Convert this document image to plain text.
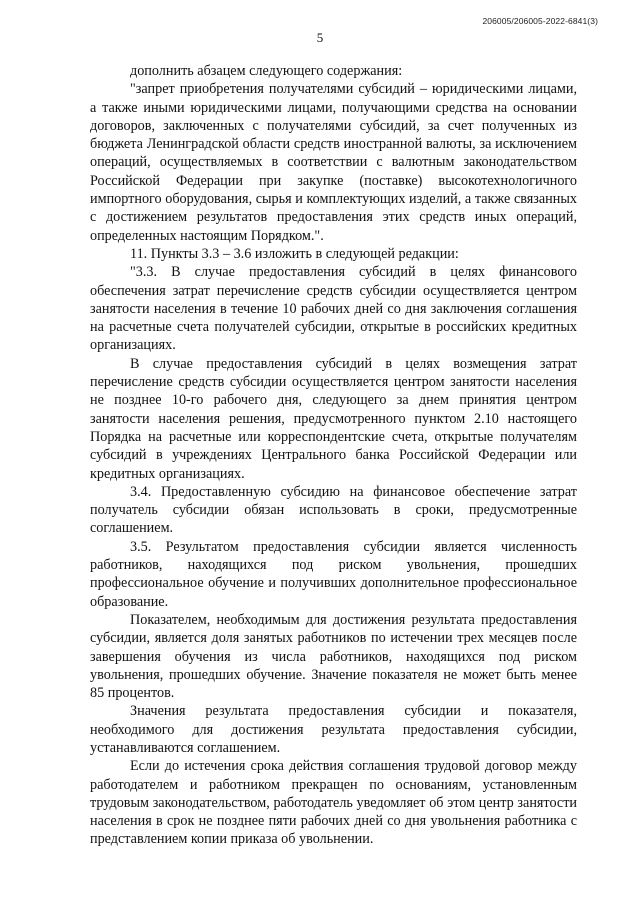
206005/206005-2022-6841(3)
5

дополнить абзацем следующего содержания:

"запрет приобретения получателями субсидий – юридическими лицами, а также иными юридическими лицами, получающими средства на основании договоров, заключенных с получателями субсидий, за счет полученных из бюджета Ленинградской области средств иностранной валюты, за исключением операций, осуществляемых в соответствии с валютным законодательством Российской Федерации при закупке (поставке) высокотехнологичного импортного оборудования, сырья и комплектующих изделий, а также связанных с достижением результатов предоставления этих средств иных операций, определенных настоящим Порядком.".

11. Пункты 3.3 – 3.6 изложить в следующей редакции:

"3.3. В случае предоставления субсидий в целях финансового обеспечения затрат перечисление средств субсидии осуществляется центром занятости населения в течение 10 рабочих дней со дня заключения соглашения на расчетные счета получателей субсидии, открытые в российских кредитных организациях.

В случае предоставления субсидий в целях возмещения затрат перечисление средств субсидии осуществляется центром занятости населения не позднее 10-го рабочего дня, следующего за днем принятия центром занятости населения решения, предусмотренного пунктом 2.10 настоящего Порядка на расчетные или корреспондентские счета, открытые получателям субсидий в учреждениях Центрального банка Российской Федерации или кредитных организациях.

3.4. Предоставленную субсидию на финансовое обеспечение затрат получатель субсидии обязан использовать в сроки, предусмотренные соглашением.

3.5. Результатом предоставления субсидии является численность работников, находящихся под риском увольнения, прошедших профессиональное обучение и получивших дополнительное профессиональное образование.

Показателем, необходимым для достижения результата предоставления субсидии, является доля занятых работников по истечении трех месяцев после завершения обучения из числа работников, находящихся под риском увольнения, прошедших обучение. Значение показателя не может быть менее 85 процентов.

Значения результата предоставления субсидии и показателя, необходимого для достижения результата предоставления субсидии, устанавливаются соглашением.

Если до истечения срока действия соглашения трудовой договор между работодателем и работником прекращен по основаниям, установленным трудовым законодательством, работодатель уведомляет об этом центр занятости населения в срок не позднее пяти рабочих дней со дня увольнения работника с представлением копии приказа об увольнении.
